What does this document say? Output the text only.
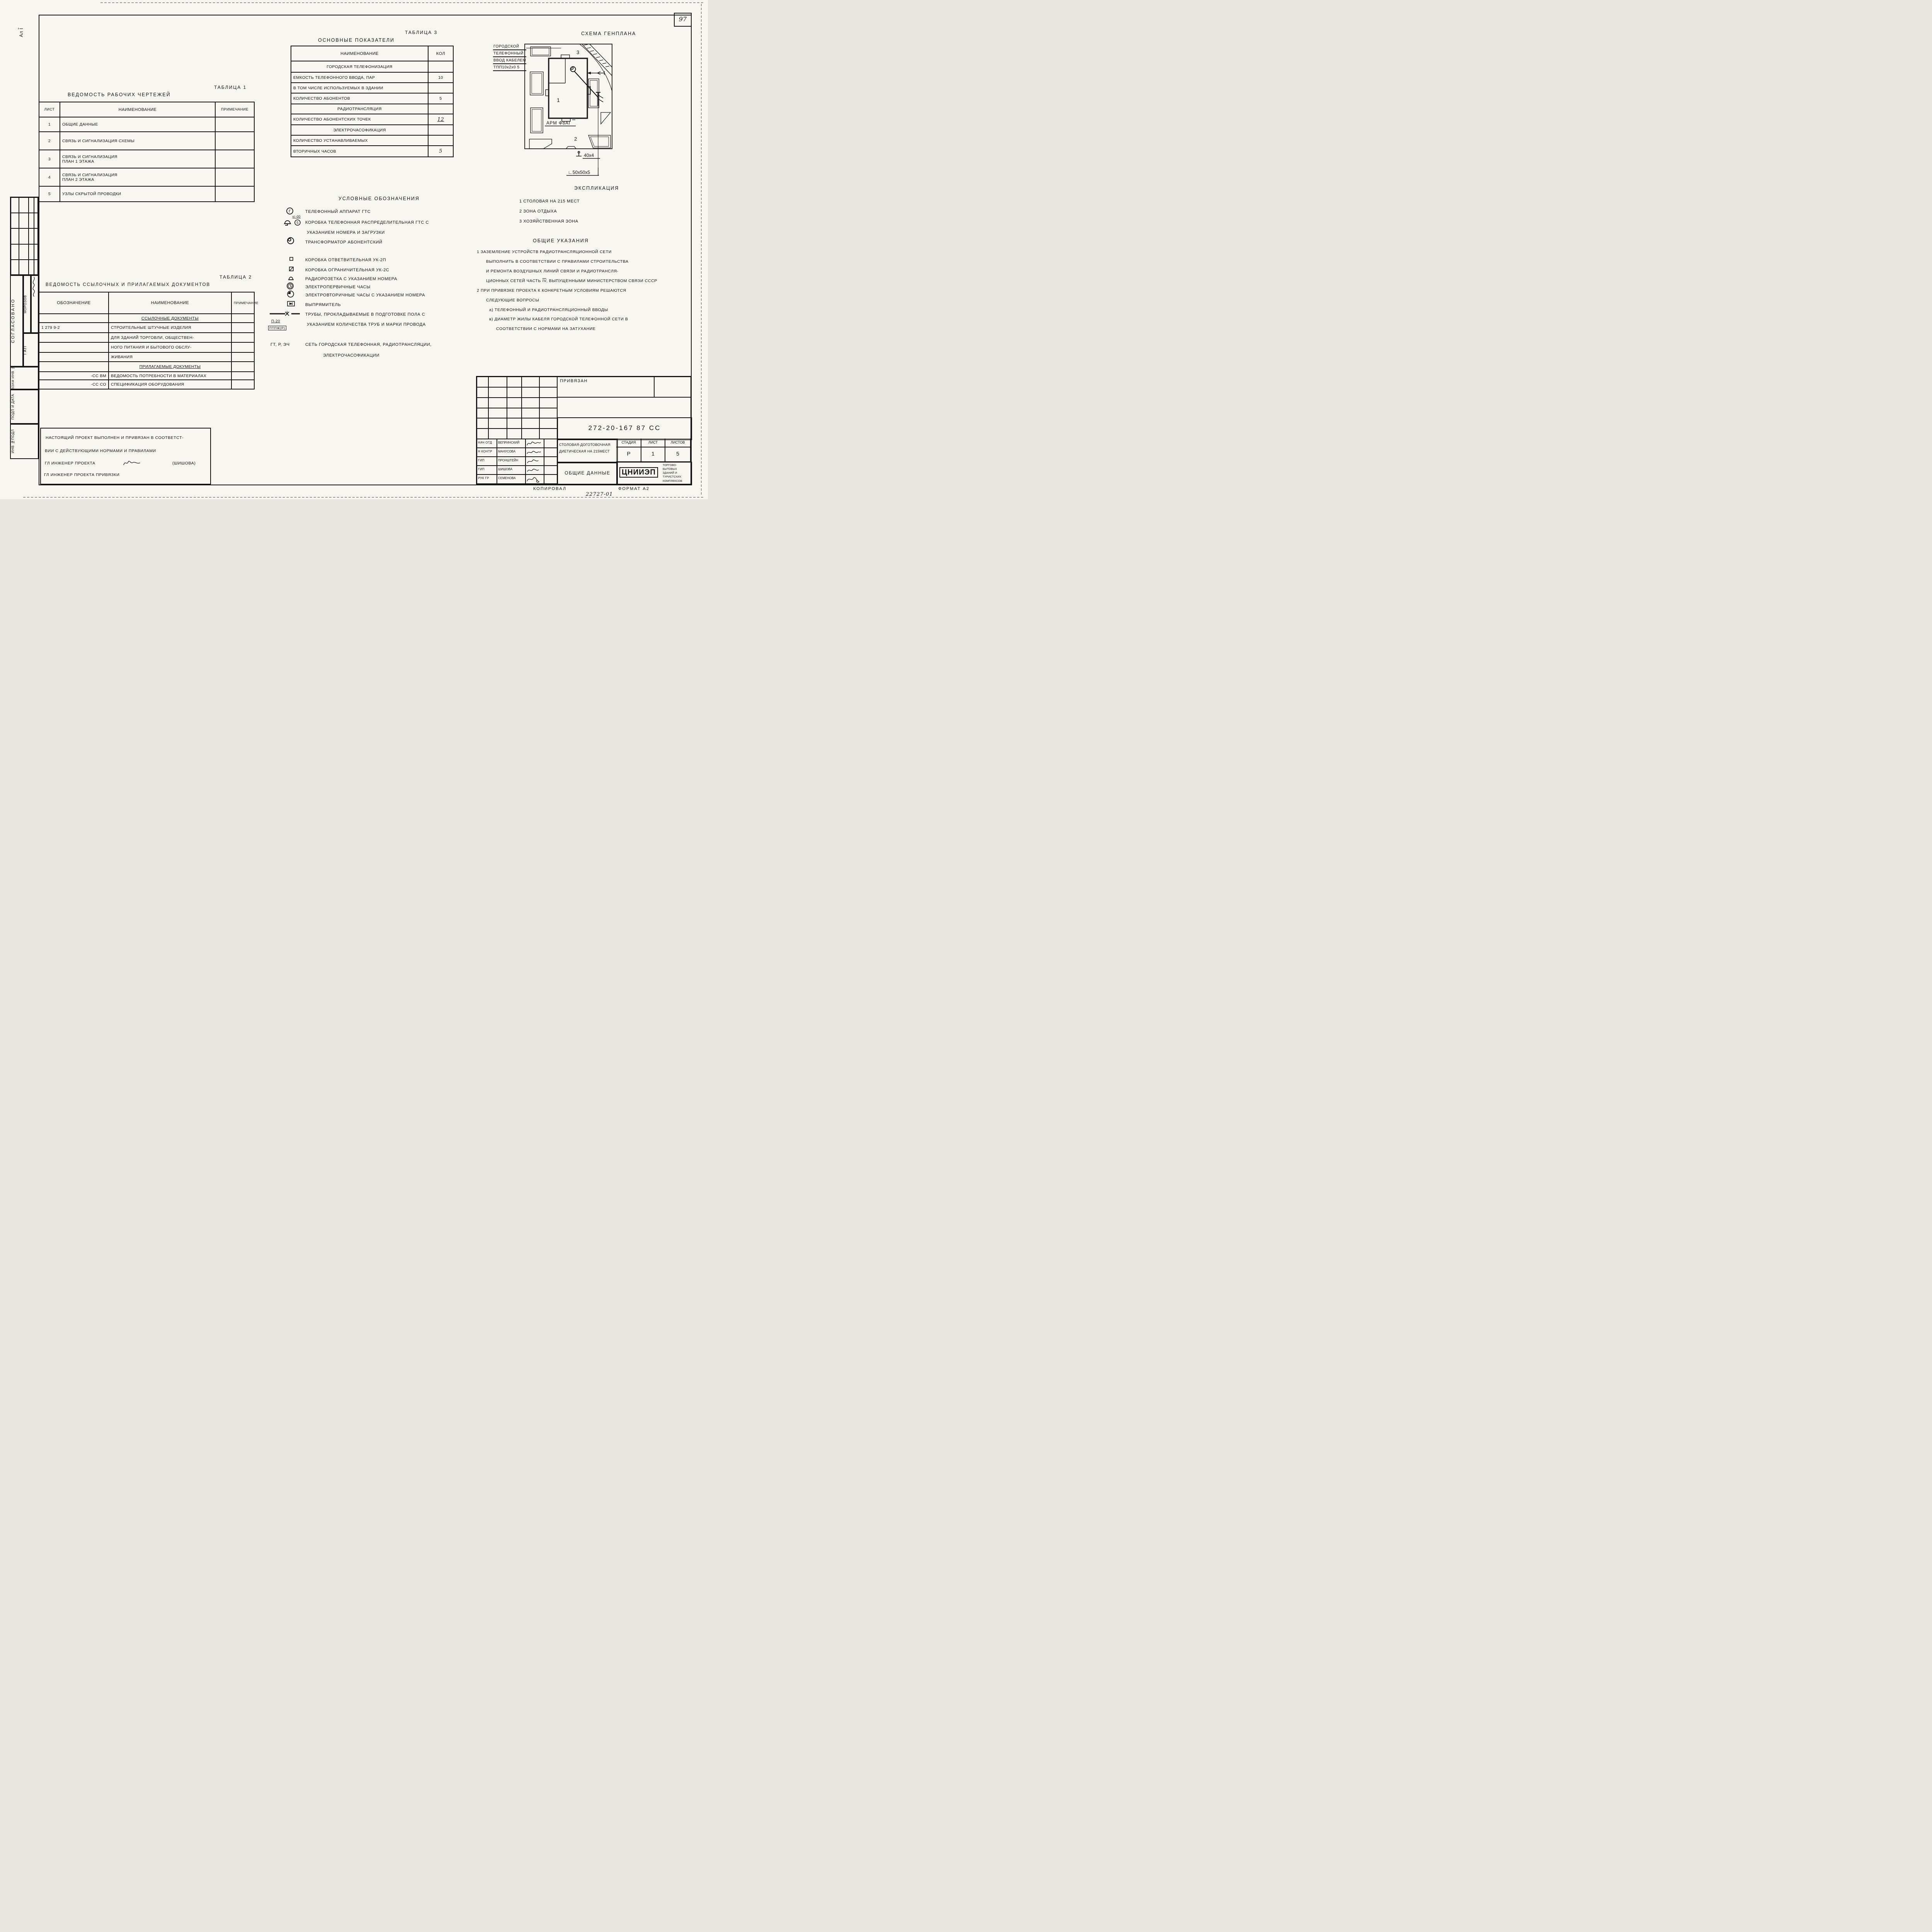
97
Ал $\overline{I}$
СОГЛАСОВАНО	МОРОЗОВ
ГАП
ВЗАМ ИНВ №
ПОДП И ДАТА
ИНВ №ПОДЛ
ТАБЛИЦА 1
ВЕДОМОСТЬ РАБОЧИХ ЧЕРТЕЖЕЙ
ЛИСТ	НАИМЕНОВАНИЕ	ПРИМЕЧАНИЕ
1	ОБЩИЕ ДАННЫЕ	
2	СВЯЗЬ И СИГНАЛИЗАЦИЯ СХЕМЫ	
3	СВЯЗЬ И СИГНАЛИЗАЦИЯ
ПЛАН 1 ЭТАЖА	
4	СВЯЗЬ И СИГНАЛИЗАЦИЯ
ПЛАН 2 ЭТАЖА	
5	УЗЛЫ СКРЫТОЙ ПРОВОДКИ	
ТАБЛИЦА 3
ОСНОВНЫЕ ПОКАЗАТЕЛИ
НАИМЕНОВАНИЕ	КОЛ
ГОРОДСКАЯ ТЕЛЕФОНИЗАЦИЯ	
ЕМКОСТЬ ТЕЛЕФОННОГО ВВОДА, ПАР	10
В ТОМ ЧИСЛЕ ИСПОЛЬЗУЕМЫХ В ЗДАНИИ	
КОЛИЧЕСТВО АБОНЕНТОВ	5
РАДИОТРАНСЛЯЦИЯ	
КОЛИЧЕСТВО АБОНЕНТСКИХ ТОЧЕК	12
ЭЛЕКТРОЧАСОФИКАЦИЯ	
КОЛИЧЕСТВО УСТАНАВЛИВАЕМЫХ	
ВТОРИЧНЫХ ЧАСОВ	5
УСЛОВНЫЕ ОБОЗНАЧЕНИЯ
Г
кг-00
ТЕЛЕФОННЫЙ АППАРАТ ГТС
5 КОРОБКА ТЕЛЕФОННАЯ РАСПРЕДЕЛИТЕЛЬНАЯ ГТС С
УКАЗАНИЕМ НОМЕРА И ЗАГРУЗКИ
ТРАНСФОРМАТОР АБОНЕНТСКИЙ
КОРОБКА ОТВЕТВИТЕЛЬНАЯ УК-2П
КОРОБКА ОГРАНИЧИТЕЛЬНАЯ УК-2С
РАДИОРОЗЕТКА С УКАЗАНИЕМ НОМЕРА
ЭЛЕКТРОПЕРВИЧНЫЕ ЧАСЫ
ЭЛЕКТРОВТОРИЧНЫЕ ЧАСЫ С УКАЗАНИЕМ НОМЕРА
ВЫПРЯМИТЕЛЬ
ТРУБЫ, ПРОКЛАДЫВАЕМЫЕ В ПОДГОТОВКЕ ПОЛА С
УКАЗАНИЕМ КОЛИЧЕСТВА ТРУБ И МАРКИ ПРОВОДА
П-20
ПТПЖ(Р)
ГТ, Р, ЭЧ	СЕТЬ ГОРОДСКАЯ ТЕЛЕФОННАЯ, РАДИОТРАНСЛЯЦИИ,
ЭЛЕКТРОЧАСОФИКАЦИИ
СХЕМА ГЕНПЛАНА
ГОРОДСКОЙ
ТЕЛЕФОННЫЙ
ВВОД КАБЕЛЕМ
ТПП10х2х0 5
3
1
АРМ Ф8АI
2
40х4
∟50х50х5
ЭКСПЛИКАЦИЯ
1 СТОЛОВАЯ НА 215 МЕСТ
2 ЗОНА ОТДЫХА
3 ХОЗЯЙСТВЕННАЯ ЗОНА
ОБЩИЕ УКАЗАНИЯ
1 ЗАЗЕМЛЕНИЕ УСТРОЙСТВ РАДИОТРАНСЛЯЦИОННОЙ СЕТИ
ВЫПОЛНИТЬ В СООТВЕТСТВИИ С ПРАВИЛАМИ СТРОИТЕЛЬСТВА
И РЕМОНТА ВОЗДУШНЫХ ЛИНИЙ СВЯЗИ И РАДИОТРАНСЛЯ-
ЦИОННЫХ СЕТЕЙ ЧАСТЬ $\overline{IV}$, ВЫПУЩЕННЫМИ МИНИСТЕРСТВОМ СВЯЗИ СССР
2 ПРИ ПРИВЯЗКЕ ПРОЕКТА К КОНКРЕТНЫМ УСЛОВИЯМ РЕШАЮТСЯ
СЛЕДУЮЩИЕ ВОПРОСЫ
а) ТЕЛЕФОННЫЙ И РАДИОТРАНСЛЯЦИОННЫЙ ВВОДЫ
в) ДИАМЕТР ЖИЛЫ КАБЕЛЯ ГОРОДСКОЙ ТЕЛЕФОННОЙ СЕТИ В
СООТВЕТСТВИИ С НОРМАМИ НА ЗАТУХАНИЕ
ТАБЛИЦА 2
ВЕДОМОСТЬ ССЫЛОЧНЫХ И ПРИЛАГАЕМЫХ ДОКУМЕНТОВ
ОБОЗНАЧЕНИЕ	НАИМЕНОВАНИЕ	ПРИМЕЧАНИЕ
	ССЫЛОЧНЫЕ ДОКУМЕНТЫ	
1 279 9-2	СТРОИТЕЛЬНЫЕ ШТУЧНЫЕ ИЗДЕЛИЯ	
	ДЛЯ ЗДАНИЙ ТОРГОВЛИ, ОБЩЕСТВЕН-	
	НОГО ПИТАНИЯ И БЫТОВОГО ОБСЛУ-	
	ЖИВАНИЯ	
	ПРИЛАГАЕМЫЕ ДОКУМЕНТЫ	
-СС ВМ	ВЕДОМОСТЬ ПОТРЕБНОСТИ В МАТЕРИАЛАХ	
-СС СО	СПЕЦИФИКАЦИЯ ОБОРУДОВАНИЯ	
НАСТОЯЩИЙ ПРОЕКТ ВЫПОЛНЕН И ПРИВЯЗАН В СООТВЕТСТ-
ВИИ С ДЕЙСТВУЮЩИМИ НОРМАМИ И ПРАВИЛАМИ
ГЛ ИНЖЕНЕР ПРОЕКТА	(ШИШОВА)
ГЛ ИНЖЕНЕР ПРОЕКТА ПРИВЯЗКИ
НАЧ ОТД	ВЕПРИНСКИЙ
Н КОНТР	МАНУСОВА
ГИП	ПРОНШТЕЙН
ГИП	ШИШОВА
РУК ГР	СЕМЕНОВА
ПРИВЯЗАН
272-20-167 87 СС
СТОЛОВАЯ-ДОГОТОВОЧНАЯ
ДИЕТИЧЕСКАЯ НА 215МЕСТ
СТАДИЯ	ЛИСТ	ЛИСТОВ
Р	1	5
ОБЩИЕ ДАННЫЕ	ЦНИИЭП
ТОРГОВО-
БЫТОВЫХ
ЗДАНИЙ И
ТУРИСТСКИХ
КОМПЛЕКСОВ
КОПИРОВАЛ	ФОРМАТ А2
22727-01
